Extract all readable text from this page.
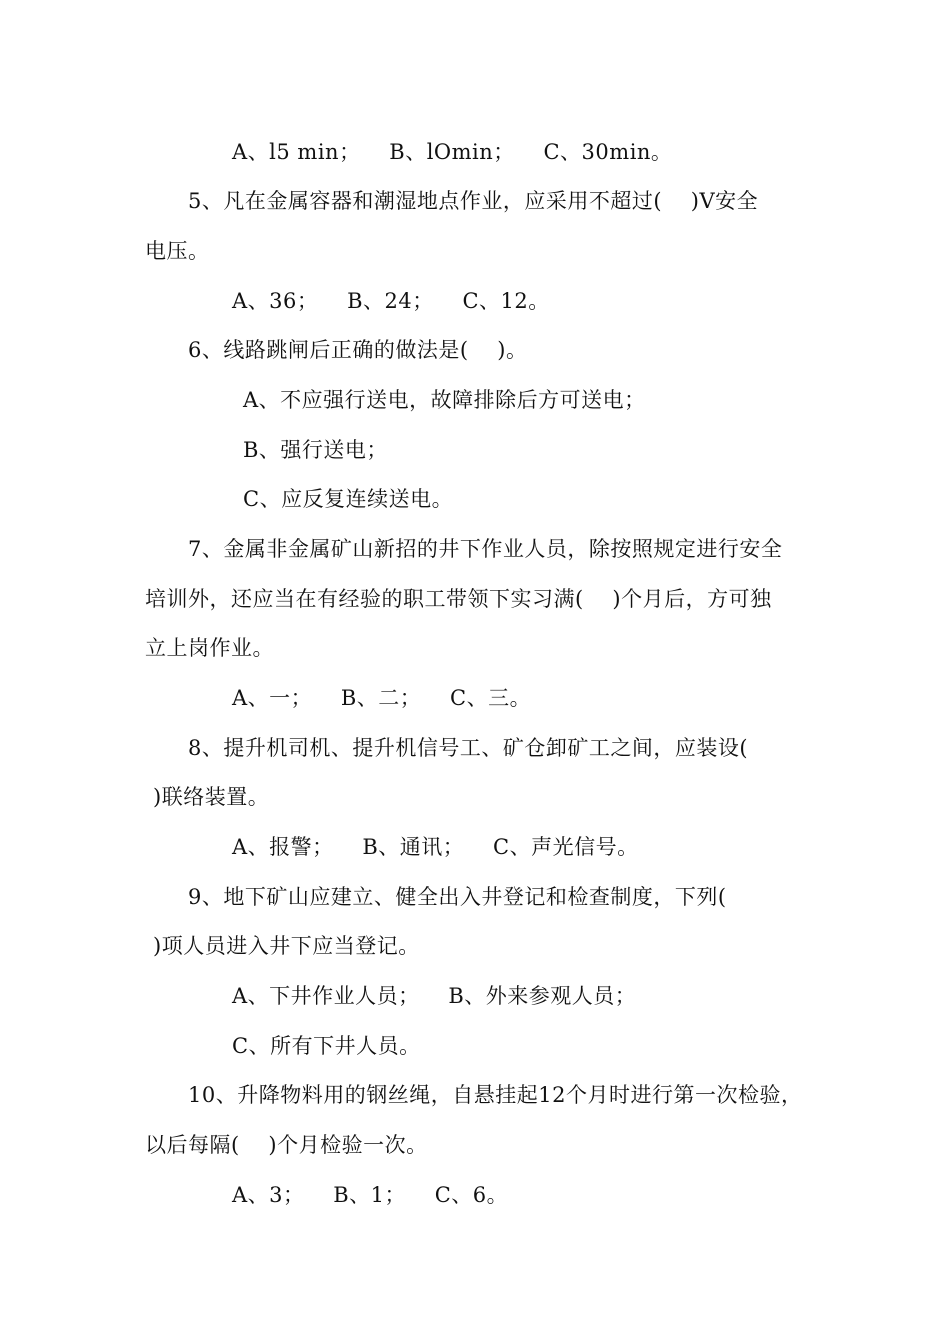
A、l5 min；    B、lOmin；    C、30min。
5、凡在金属容器和潮湿地点作业，应采用不超过(    )V安全
电压。
A、36；    B、24；    C、12。
6、线路跳闸后正确的做法是(    )。
A、不应强行送电，故障排除后方可送电；
B、强行送电；
C、应反复连续送电。
7、金属非金属矿山新招的井下作业人员，除按照规定进行安全
培训外，还应当在有经验的职工带领下实习满(    )个月后，方可独
立上岗作业。
A、一；    B、二；    C、三。
8、提升机司机、提升机信号工、矿仓卸矿工之间，应装设(
)联络装置。
A、报警；    B、通讯；    C、声光信号。
9、地下矿山应建立、健全出入井登记和检查制度，下列(
)项人员进入井下应当登记。
A、下井作业人员；    B、外来参观人员；
C、所有下井人员。
10、升降物料用的钢丝绳，自悬挂起12个月时进行第一次检验，
以后每隔(    )个月检验一次。
A、3；    B、1；    C、6。
